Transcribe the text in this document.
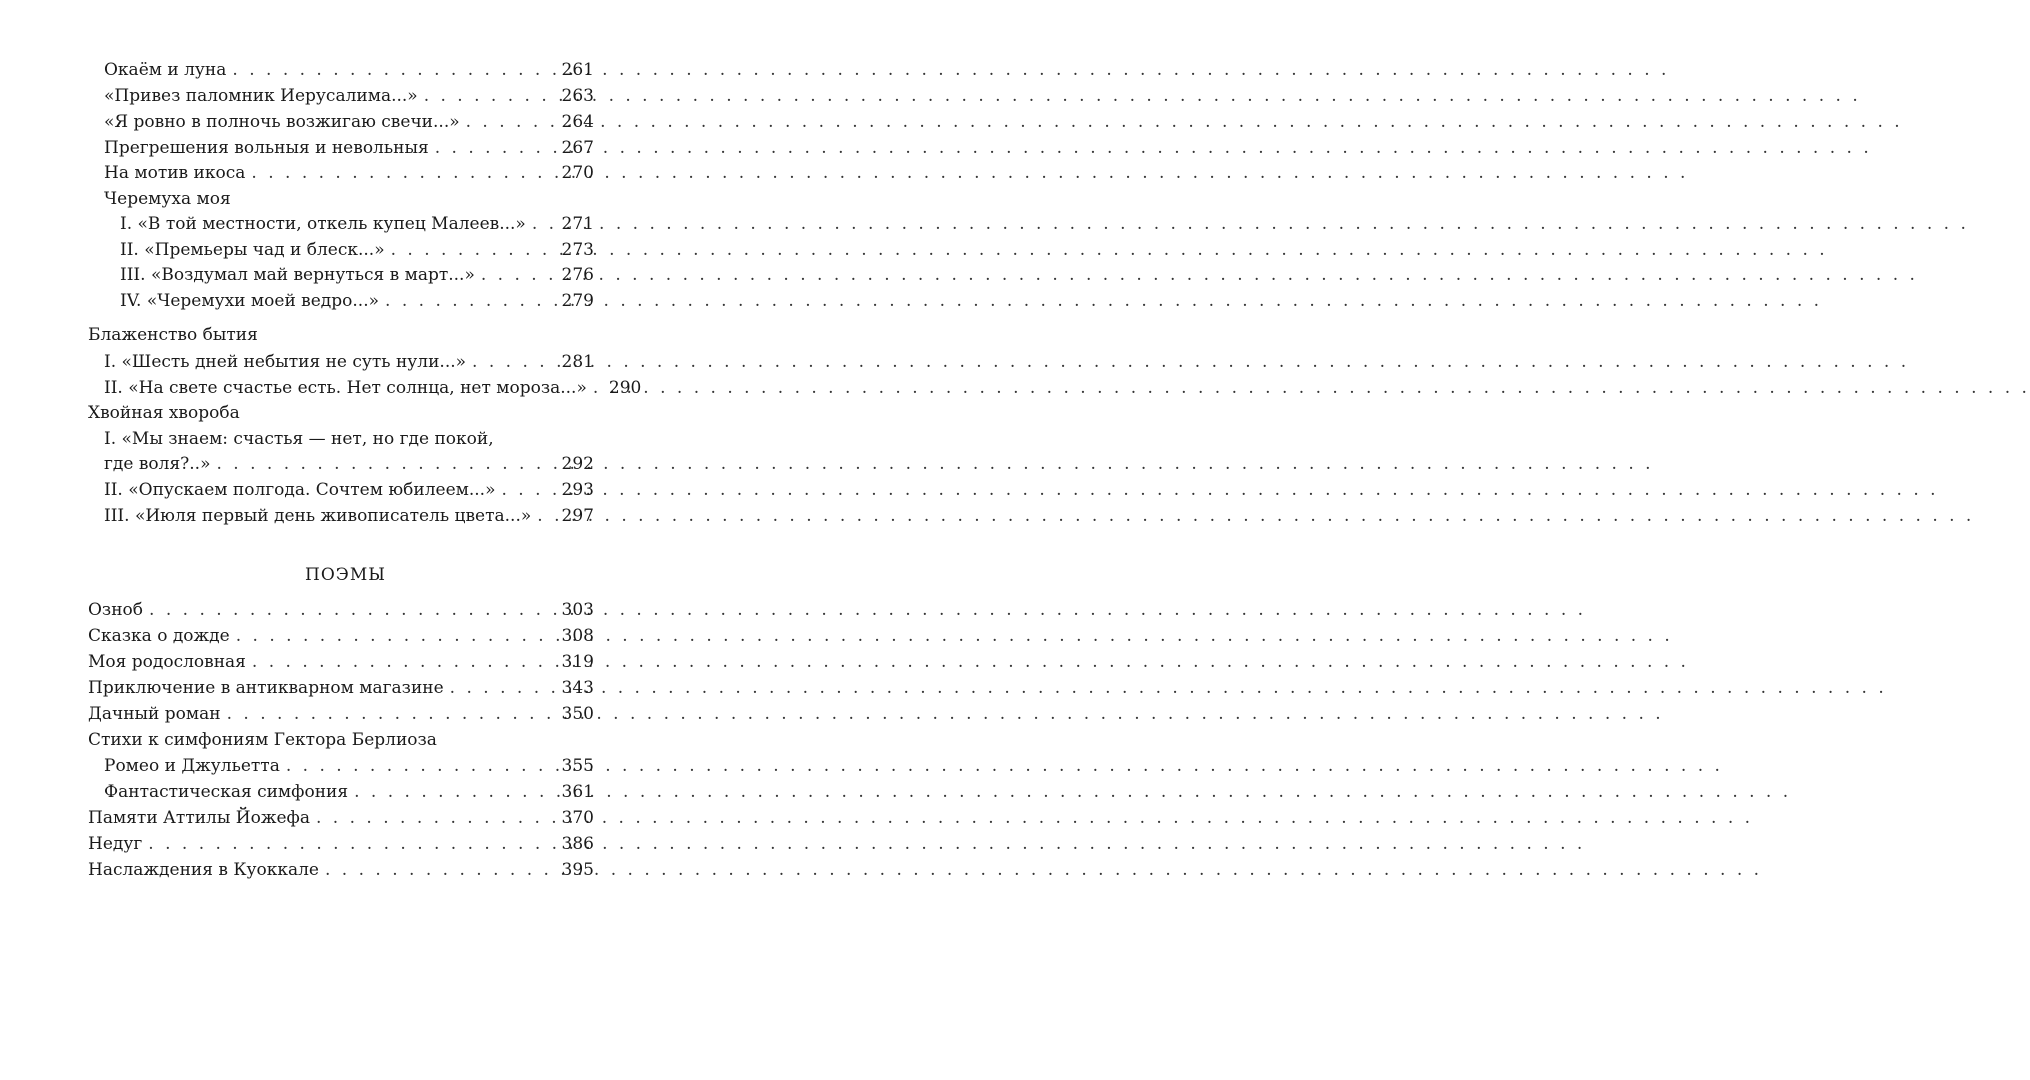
Окаём и луна . . .	261
«Привез паломник Иерусалима...» . . .	263
«Я ровно в полночь возжигаю свечи...» . . .	264
Прегрешения вольныя и невольныя . . .	267
На мотив икоса . . .	270
Черемуха моя
I. «В той местности, откель купец Малеев...» . . . 271
II. «Премьеры чад и блеск...» . . .	273
III. «Воздумал май вернуться в март...» . . .	276
IV. «Черемухи моей ведро...» . . .	279
Блаженство бытия
I. «Шесть дней небытия не суть нули...» . . .	281
II. «На свете счастье есть. Нет солнца, нет мороза...» . . . 290
Хвойная хвороба
I. «Мы знаем: счастья — нет, но где покой,
где воля?..» . . .	292
II. «Опускаем полгода. Сочтем юбилеем...» . . .	293
III. «Июля первый день живописатель цвета...» . . . 297
ПОЭМЫ
Озноб . . .	303
Сказка о дожде . . .	308
Моя родословная . . .	319
Приключение в антикварном магазине . . .	343
Дачный роман . . .	350
Стихи к симфониям Гектора Берлиоза
Ромео и Джульетта . . .	355
Фантастическая симфония . . .	361
Памяти Аттилы Йожефа . . .	370
Недуг . . .	386
Наслаждения в Куоккале . . .	395
